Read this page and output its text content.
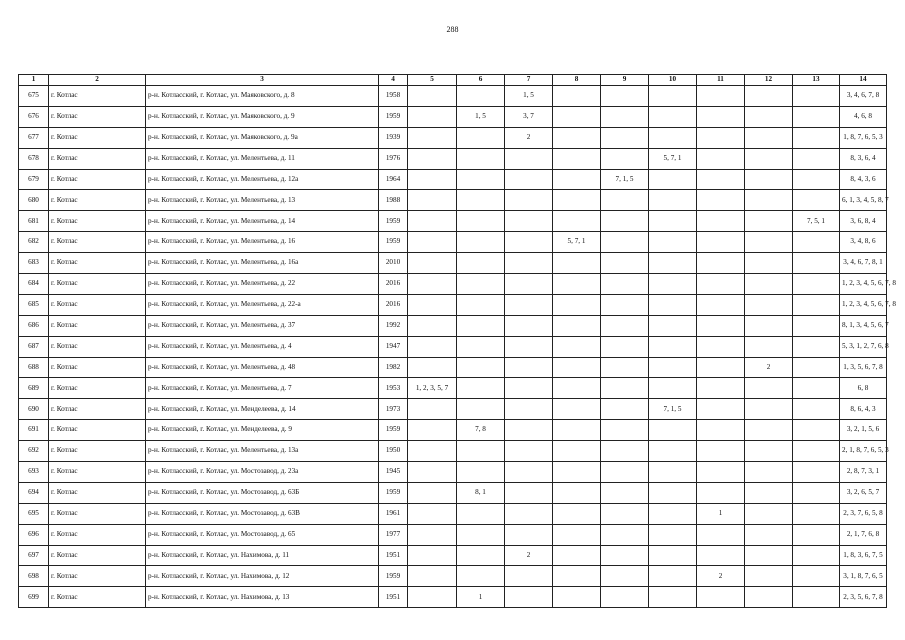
288
1	2	3	4	5	6	7	8	9	10	11	12	13	14
675	г. Котлас	р-н. Котласский, г. Котлас, ул. Маяковского, д. 8	1958			1, 5							3, 4, 6, 7, 8
676	г. Котлас	р-н. Котласский, г. Котлас, ул. Маяковского, д. 9	1959		1, 5	3, 7							4, 6, 8
677	г. Котлас	р-н. Котласский, г. Котлас, ул. Маяковского, д. 9а	1939			2							1, 8, 7, 6, 5, 3
678	г. Котлас	р-н. Котласский, г. Котлас, ул. Мелентьева, д. 11	1976						5, 7, 1				8, 3, 6, 4
679	г. Котлас	р-н. Котласский, г. Котлас, ул. Мелентьева, д. 12а	1964					7, 1, 5					8, 4, 3, 6
680	г. Котлас	р-н. Котласский, г. Котлас, ул. Мелентьева, д. 13	1988										6, 1, 3, 4, 5, 8, 7
681	г. Котлас	р-н. Котласский, г. Котлас, ул. Мелентьева, д. 14	1959									7, 5, 1	3, 6, 8, 4
682	г. Котлас	р-н. Котласский, г. Котлас, ул. Мелентьева, д. 16	1959				5, 7, 1						3, 4, 8, 6
683	г. Котлас	р-н. Котласский, г. Котлас, ул. Мелентьева, д. 16а	2010										3, 4, 6, 7, 8, 1
684	г. Котлас	р-н. Котласский, г. Котлас, ул. Мелентьева, д. 22	2016										1, 2, 3, 4, 5, 6, 7, 8
685	г. Котлас	р-н. Котласский, г. Котлас, ул. Мелентьева, д. 22-а	2016										1, 2, 3, 4, 5, 6, 7, 8
686	г. Котлас	р-н. Котласский, г. Котлас, ул. Мелентьева, д. 37	1992										8, 1, 3, 4, 5, 6, 7
687	г. Котлас	р-н. Котласский, г. Котлас, ул. Мелентьева, д. 4	1947										5, 3, 1, 2, 7, 6, 8
688	г. Котлас	р-н. Котласский, г. Котлас, ул. Мелентьева, д. 48	1982								2		1, 3, 5, 6, 7, 8
689	г. Котлас	р-н. Котласский, г. Котлас, ул. Мелентьева, д. 7	1953	1, 2, 3, 5, 7									6, 8
690	г. Котлас	р-н. Котласский, г. Котлас, ул. Менделеева, д. 14	1973						7, 1, 5				8, 6, 4, 3
691	г. Котлас	р-н. Котласский, г. Котлас, ул. Менделеева, д. 9	1959		7, 8								3, 2, 1, 5, 6
692	г. Котлас	р-н. Котласский, г. Котлас, ул. Мелентьева, д. 13а	1950										2, 1, 8, 7, 6, 5, 3
693	г. Котлас	р-н. Котласский, г. Котлас, ул. Мостозавод, д. 23а	1945										2, 8, 7, 3, 1
694	г. Котлас	р-н. Котласский, г. Котлас, ул. Мостозавод, д. 63Б	1959		8, 1								3, 2, 6, 5, 7
695	г. Котлас	р-н. Котласский, г. Котлас, ул. Мостозавод, д. 63В	1961							1			2, 3, 7, 6, 5, 8
696	г. Котлас	р-н. Котласский, г. Котлас, ул. Мостозавод, д. 65	1977										2, 1, 7, 6, 8
697	г. Котлас	р-н. Котласский, г. Котлас, ул. Нахимова, д. 11	1951			2							1, 8, 3, 6, 7, 5
698	г. Котлас	р-н. Котласский, г. Котлас, ул. Нахимова, д. 12	1959							2			3, 1, 8, 7, 6, 5
699	г. Котлас	р-н. Котласский, г. Котлас, ул. Нахимова, д. 13	1951		1								2, 3, 5, 6, 7, 8
